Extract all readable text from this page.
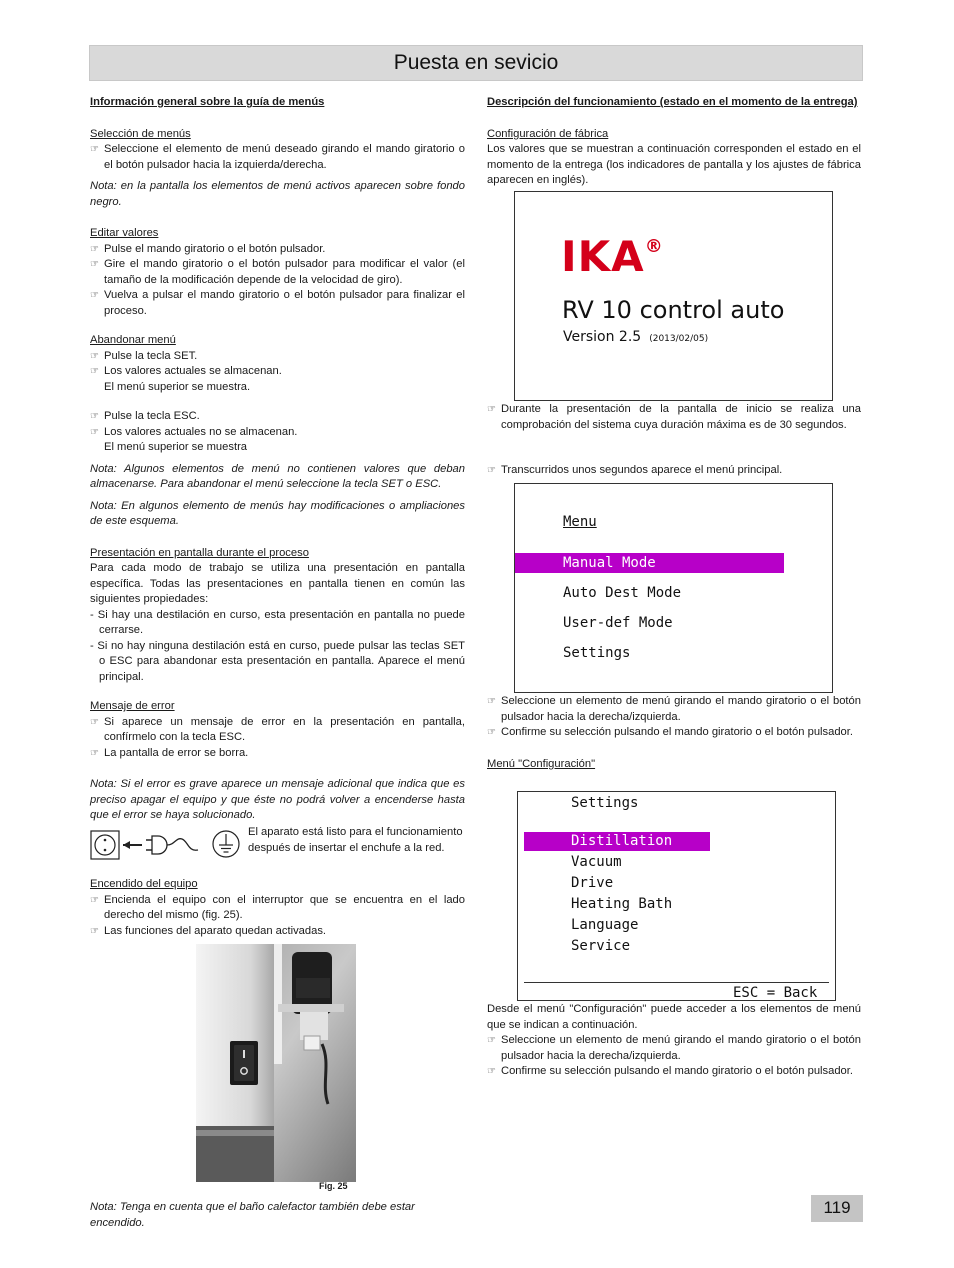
Puesta en sevicio

Información general sobre la guía de menús

Selección de menús

☞ Seleccione el elemento de menú deseado girando el mando giratorio o el botón pulsador hacia la izquierda/derecha.

Nota: en la pantalla los elementos de menú activos aparecen sobre fondo negro.

Editar valores

☞ Pulse el mando giratorio o el botón pulsador.
☞ Gire el mando giratorio o el botón pulsador para modificar el valor (el tamaño de la modificación depende de la velocidad de giro).
☞ Vuelva a pulsar el mando giratorio o el botón pulsador para finalizar el proceso.

Abandonar menú

☞ Pulse la tecla SET.
☞ Los valores actuales se almacenan.

El menú superior se muestra.

☞ Pulse la tecla ESC.
☞ Los valores actuales no se almacenan.

El menú superior se muestra

Nota: Algunos elementos de menú no contienen valores que deban almacenarse. Para abandonar el menú seleccione la tecla SET o ESC.

Nota: En algunos elemento de menús hay modificaciones o ampliaciones de este esquema.

Presentación en pantalla durante el proceso

Para cada modo de trabajo se utiliza una presentación en pantalla específica. Todas las presentaciones en pantalla tienen en común las siguientes propiedades:

- Si hay una destilación en curso, esta presentación en pantalla no puede cerrarse.

- Si no hay ninguna destilación está en curso, puede pulsar las teclas SET o ESC para abandonar esta presentación en pantalla. Aparece el menú principal.

Mensaje de error

☞ Si aparece un mensaje de error en la presentación en pantalla, confírmelo con la tecla ESC.
☞ La pantalla de error se borra.

Nota: Si el error es grave aparece un mensaje adicional que indica que es preciso apagar el equipo y que éste no podrá volver a encenderse hasta que el error se haya solucionado.

El aparato está listo para el funcionamiento después de insertar el enchufe a la red.

Encendido del equipo

☞ Encienda el equipo con el interruptor que se encuentra en el lado derecho del mismo (fig. 25).
☞ Las funciones del aparato quedan activadas.
Fig. 25

Nota: Tenga en cuenta que el baño calefactor también debe estar encendido.

Descripción del funcionamiento (estado en el momento de la entrega)

Configuración de fábrica

Los valores que se muestran a continuación corresponden el estado en el momento de la entrega (los indicadores de pantalla y los ajustes de fábrica aparecen en inglés).

IKA®
RV 10 control auto
Version 2.5 (2013/02/05)
☞ Durante la presentación de la pantalla de inicio se realiza una comprobación del sistema cuya duración máxima es de 30 segundos.
☞ Transcurridos unos segundos aparece el menú principal.
Menu
Manual Mode
Auto Dest Mode
User-def Mode
Settings
☞ Seleccione un elemento de menú girando el mando giratorio o el botón pulsador hacia la derecha/izquierda.
☞ Confirme su selección pulsando el mando giratorio o el botón pulsador.

Menú "Configuración"

Settings
Distillation
Vacuum
Drive
Heating Bath
Language
Service
ESC = Back

Desde el menú "Configuración" puede acceder a los elementos de menú que se indican a continuación.

☞ Seleccione un elemento de menú girando el mando giratorio o el botón pulsador hacia la derecha/izquierda.
☞ Confirme su selección pulsando el mando giratorio o el botón pulsador.
119
